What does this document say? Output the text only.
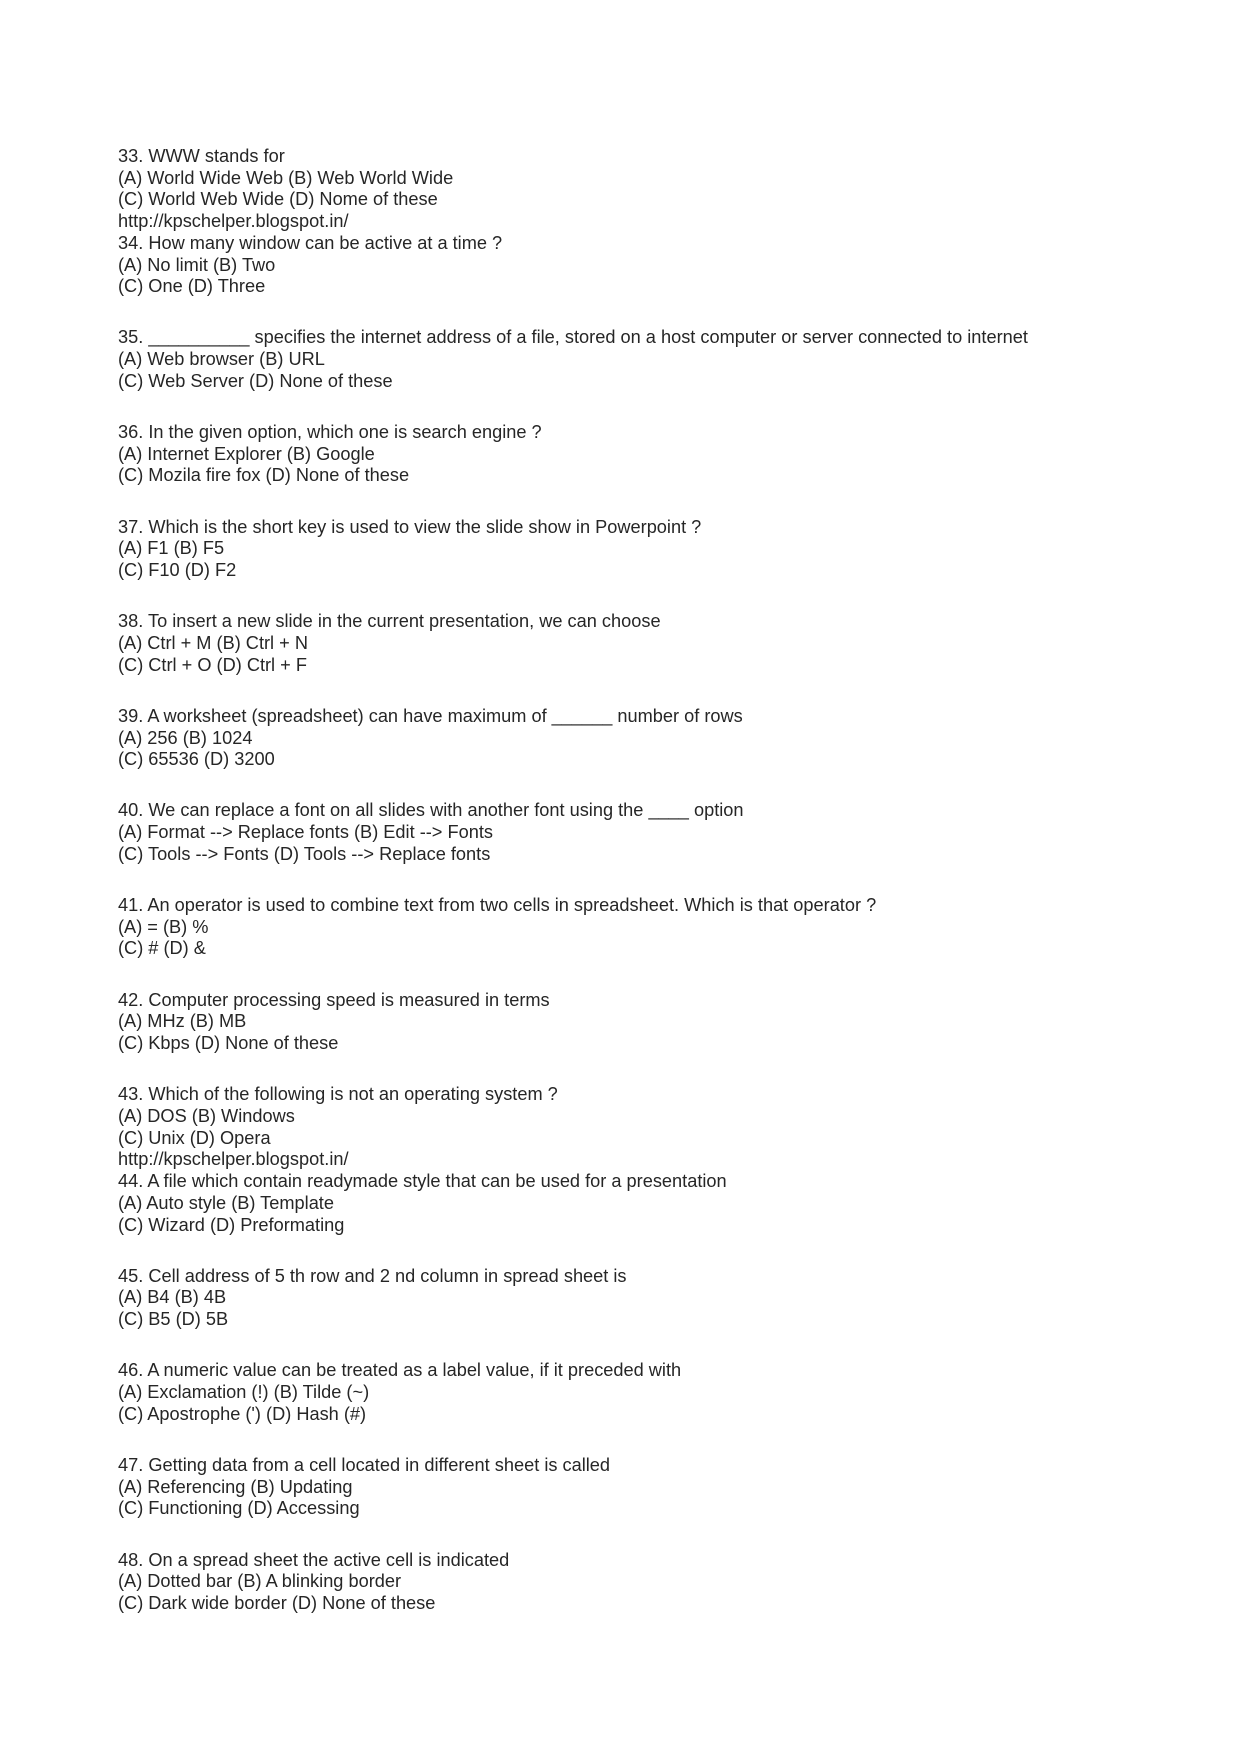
33. WWW stands for
(A) World Wide Web (B) Web World Wide
(C) World Web Wide (D) Nome of these
http://kpschelper.blogspot.in/
34. How many window can be active at a time ?
(A) No limit (B) Two
(C) One (D) Three
35. __________ specifies the internet address of a file, stored on a host computer or server connected to internet
(A) Web browser (B) URL
(C) Web Server (D) None of these
36. In the given option, which one is search engine ?
(A) Internet Explorer (B) Google
(C) Mozila fire fox (D) None of these
37. Which is the short key is used to view the slide show in Powerpoint ?
(A) F1 (B) F5
(C) F10 (D) F2
38. To insert a new slide in the current presentation, we can choose
(A) Ctrl + M (B) Ctrl + N
(C) Ctrl + O (D) Ctrl + F
39. A worksheet (spreadsheet) can have maximum of ______ number of rows
(A) 256 (B) 1024
(C) 65536 (D) 3200
40. We can replace a font on all slides with another font using the ____ option
(A) Format --> Replace fonts (B) Edit --> Fonts
(C) Tools --> Fonts (D) Tools --> Replace fonts
41. An operator is used to combine text from two cells in spreadsheet. Which is that operator ?
(A) = (B) %
(C) # (D) &
42. Computer processing speed is measured in terms
(A) MHz (B) MB
(C) Kbps (D) None of these
43. Which of the following is not an operating system ?
(A) DOS (B) Windows
(C) Unix (D) Opera
http://kpschelper.blogspot.in/
44. A file which contain readymade style that can be used for a presentation
(A) Auto style (B) Template
(C) Wizard (D) Preformating
45. Cell address of 5 th row and 2 nd column in spread sheet is
(A) B4 (B) 4B
(C) B5 (D) 5B
46. A numeric value can be treated as a label value, if it preceded with
(A) Exclamation (!) (B) Tilde (~)
(C) Apostrophe (') (D) Hash (#)
47. Getting data from a cell located in different sheet is called
(A) Referencing (B) Updating
(C) Functioning (D) Accessing
48. On a spread sheet the active cell is indicated
(A) Dotted bar (B) A blinking border
(C) Dark wide border (D) None of these
